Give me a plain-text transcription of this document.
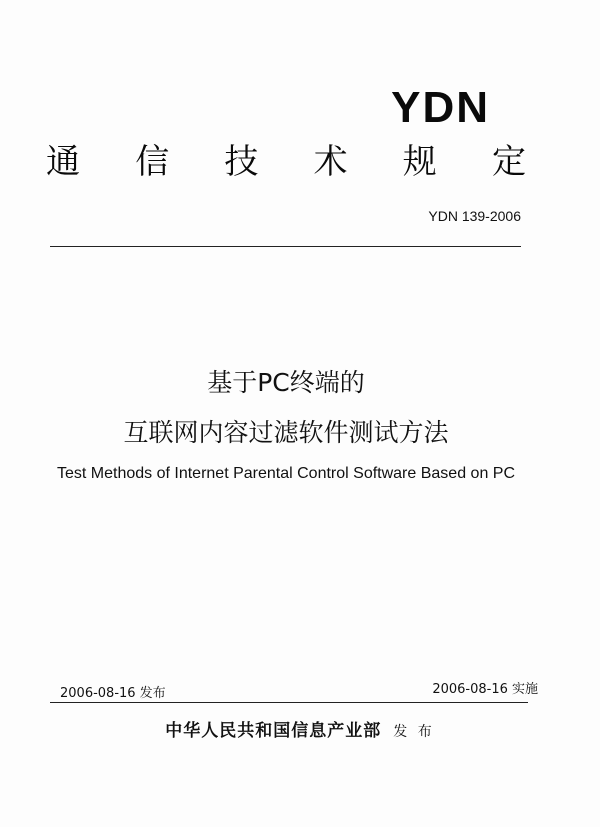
YDN
通 信 技 术 规 定
YDN 139-2006
基于PC终端的
互联网内容过滤软件测试方法
Test Methods of Internet Parental Control Software Based on PC
2006-08-16 发布	2006-08-16 实施
中华人民共和国信息产业部 发 布
